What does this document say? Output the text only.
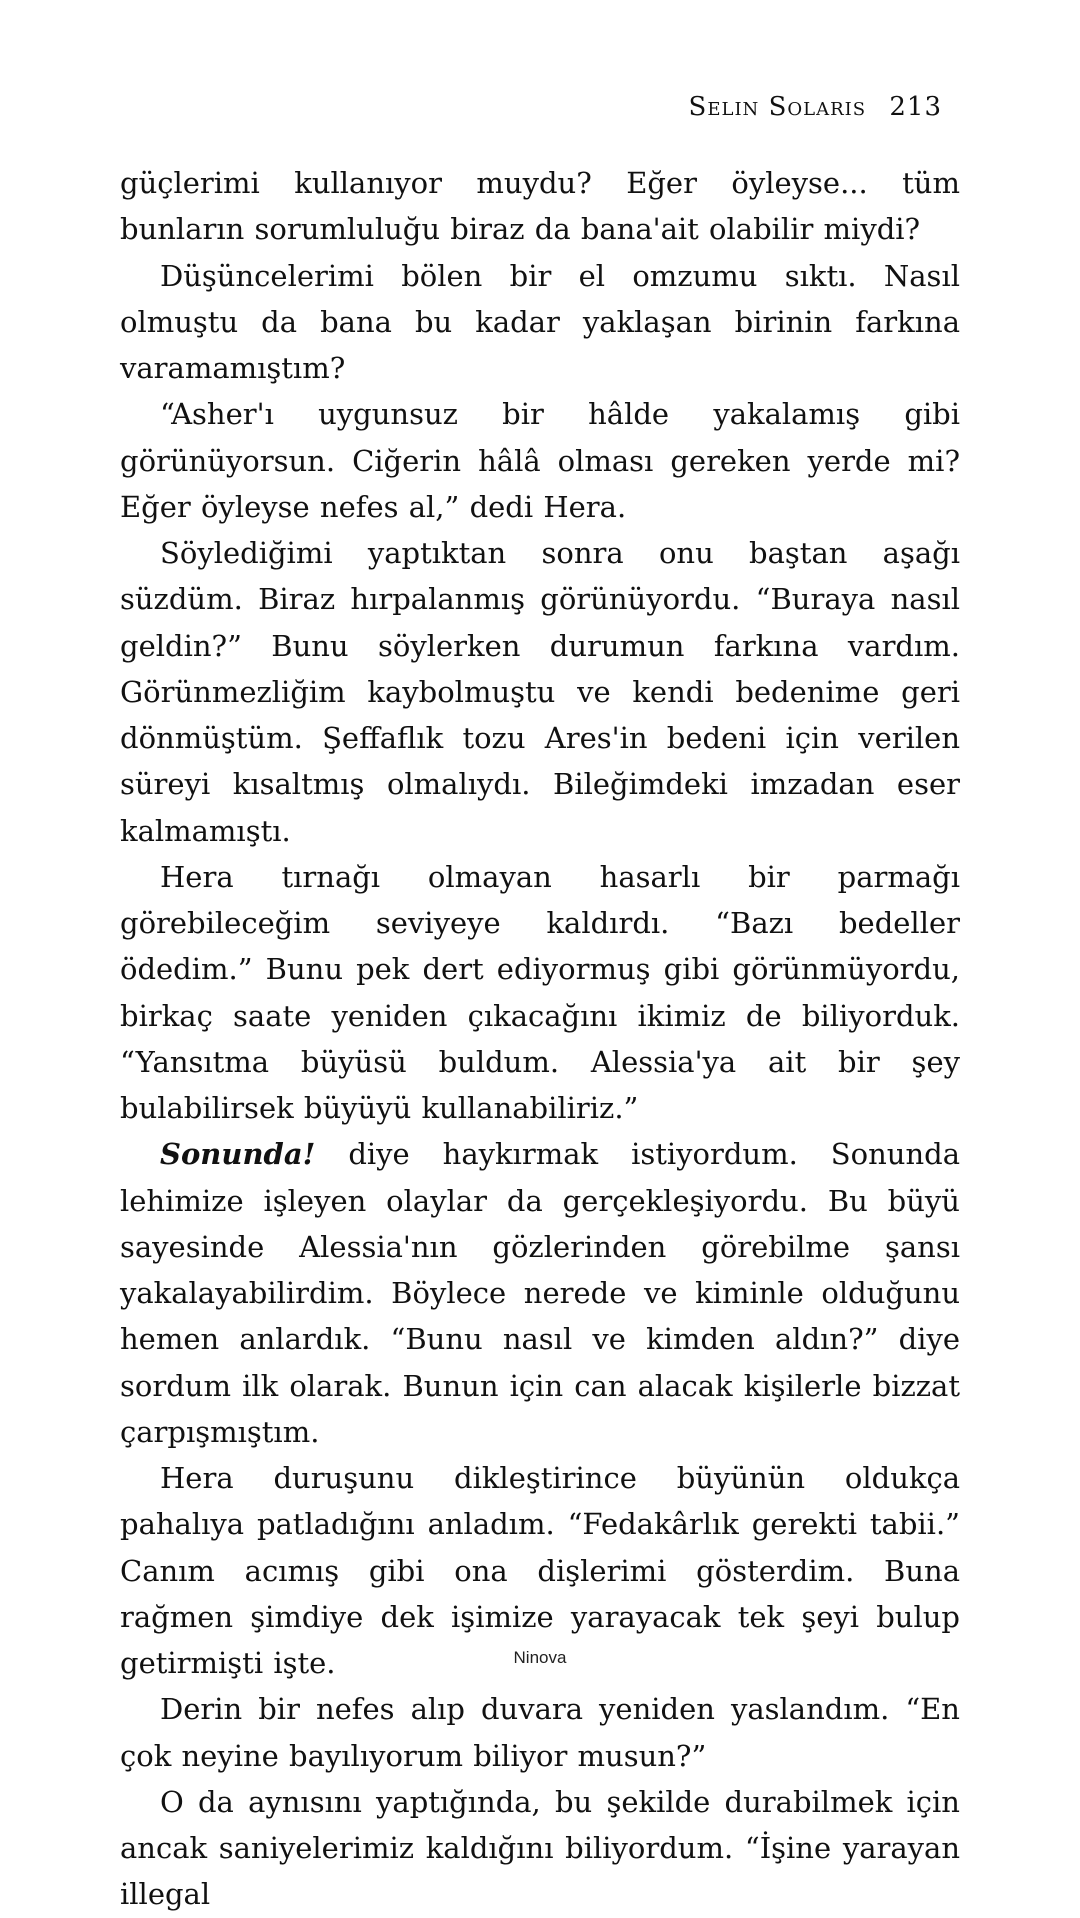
Selin Solaris 213

güçlerimi kullanıyor muydu? Eğer öyleyse... tüm bunların sorumluluğu biraz da bana'ait olabilir miydi?

Düşüncelerimi bölen bir el omzumu sıktı. Nasıl olmuştu da bana bu kadar yaklaşan birinin farkına varamamıştım?

“Asher'ı uygunsuz bir hâlde yakalamış gibi görünüyorsun. Ciğerin hâlâ olması gereken yerde mi? Eğer öyleyse nefes al,” dedi Hera.

Söylediğimi yaptıktan sonra onu baştan aşağı süzdüm. Biraz hırpalanmış görünüyordu. “Buraya nasıl geldin?” Bunu söylerken durumun farkına vardım. Görünmezliğim kaybolmuştu ve kendi bedenime geri dönmüştüm. Şeffaflık tozu Ares'in bedeni için verilen süreyi kısaltmış olmalıydı. Bileğimdeki imzadan eser kalmamıştı.

Hera tırnağı olmayan hasarlı bir parmağı görebileceğim seviyeye kaldırdı. “Bazı bedeller ödedim.” Bunu pek dert ediyormuş gibi görünmüyordu, birkaç saate yeniden çıkacağını ikimiz de biliyorduk. “Yansıtma büyüsü buldum. Alessia'ya ait bir şey bulabilirsek büyüyü kullanabiliriz.”

Sonunda! diye haykırmak istiyordum. Sonunda lehimize işleyen olaylar da gerçekleşiyordu. Bu büyü sayesinde Alessia'nın gözlerinden görebilme şansı yakalayabilirdim. Böylece nerede ve kiminle olduğunu hemen anlardık. “Bunu nasıl ve kimden aldın?” diye sordum ilk olarak. Bunun için can alacak kişilerle bizzat çarpışmıştım.

Hera duruşunu dikleştirince büyünün oldukça pahalıya patladığını anladım. “Fedakârlık gerekti tabii.” Canım acımış gibi ona dişlerimi gösterdim. Buna rağmen şimdiye dek işimize yarayacak tek şeyi bulup getirmişti işte.

Derin bir nefes alıp duvara yeniden yaslandım. “En çok neyine bayılıyorum biliyor musun?”

O da aynısını yaptığında, bu şekilde durabilmek için ancak saniyelerimiz kaldığını biliyordum. “İşine yarayan illegal

Ninova
